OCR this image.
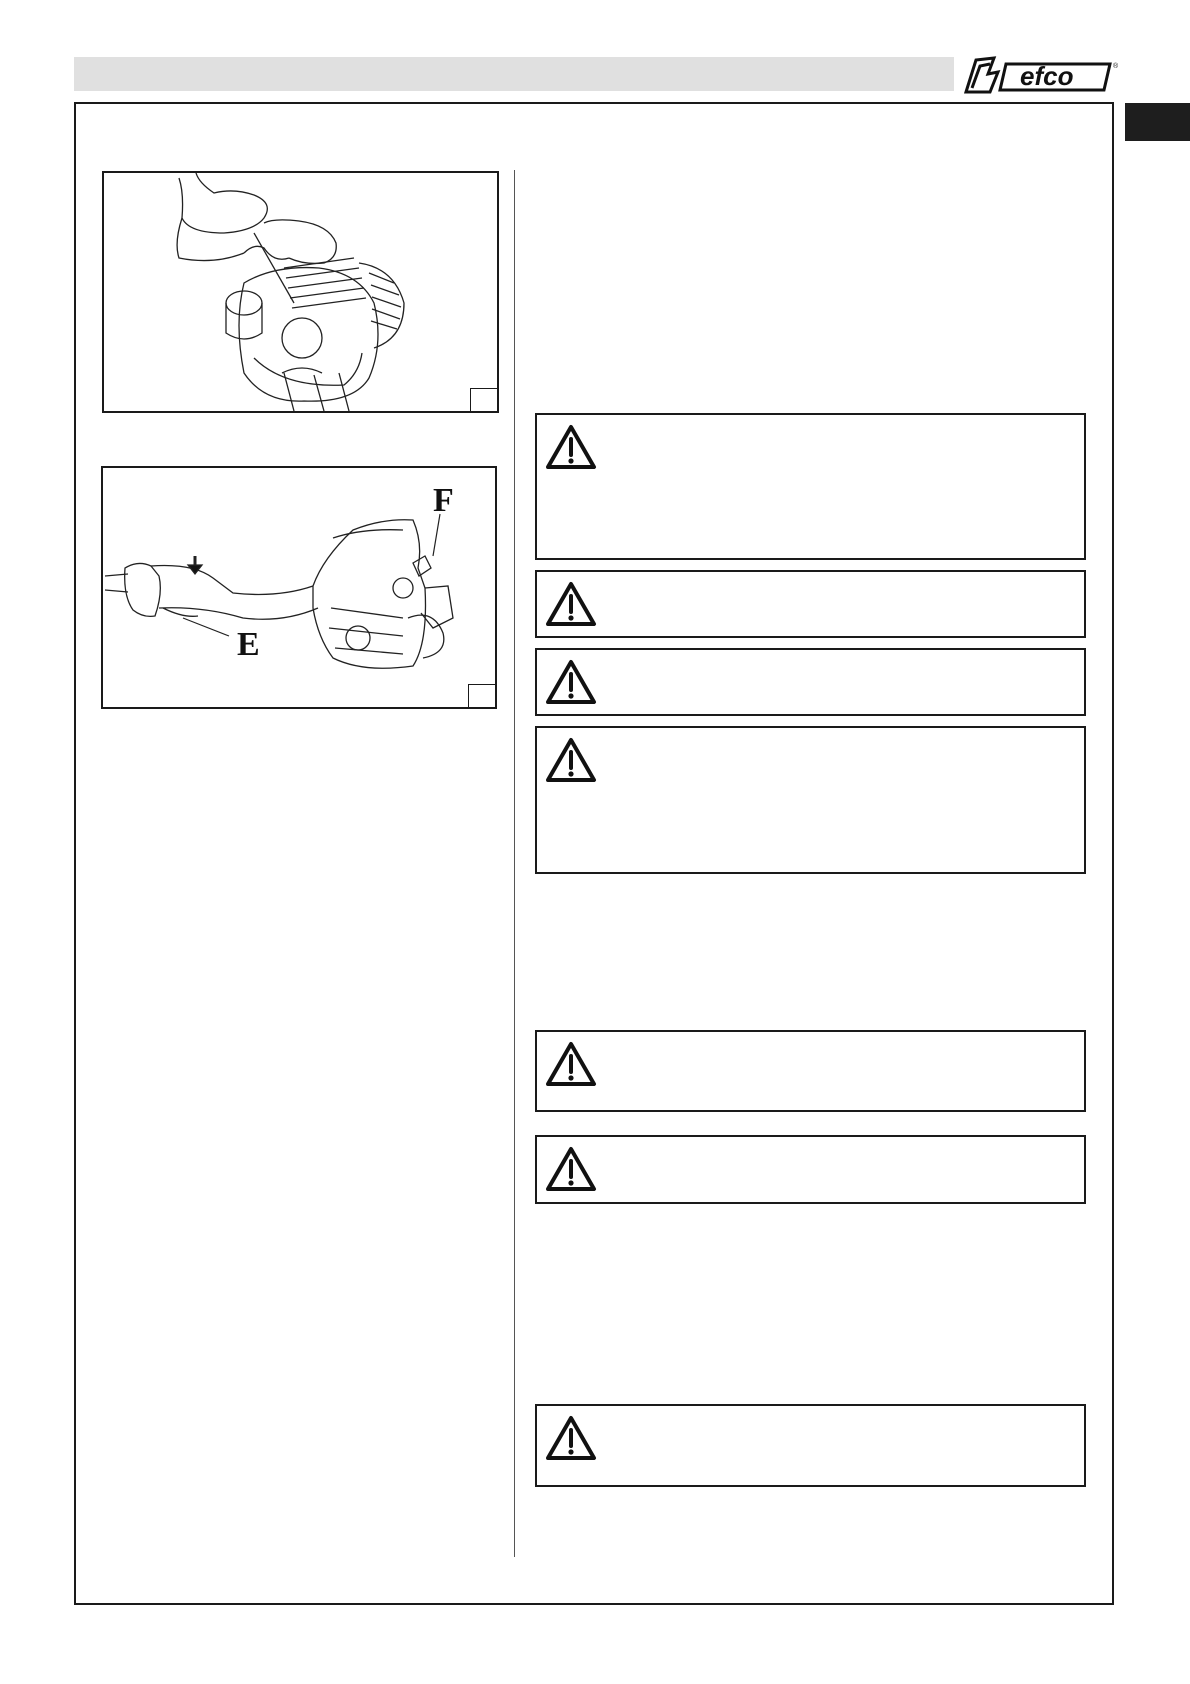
efco	®
F
E
